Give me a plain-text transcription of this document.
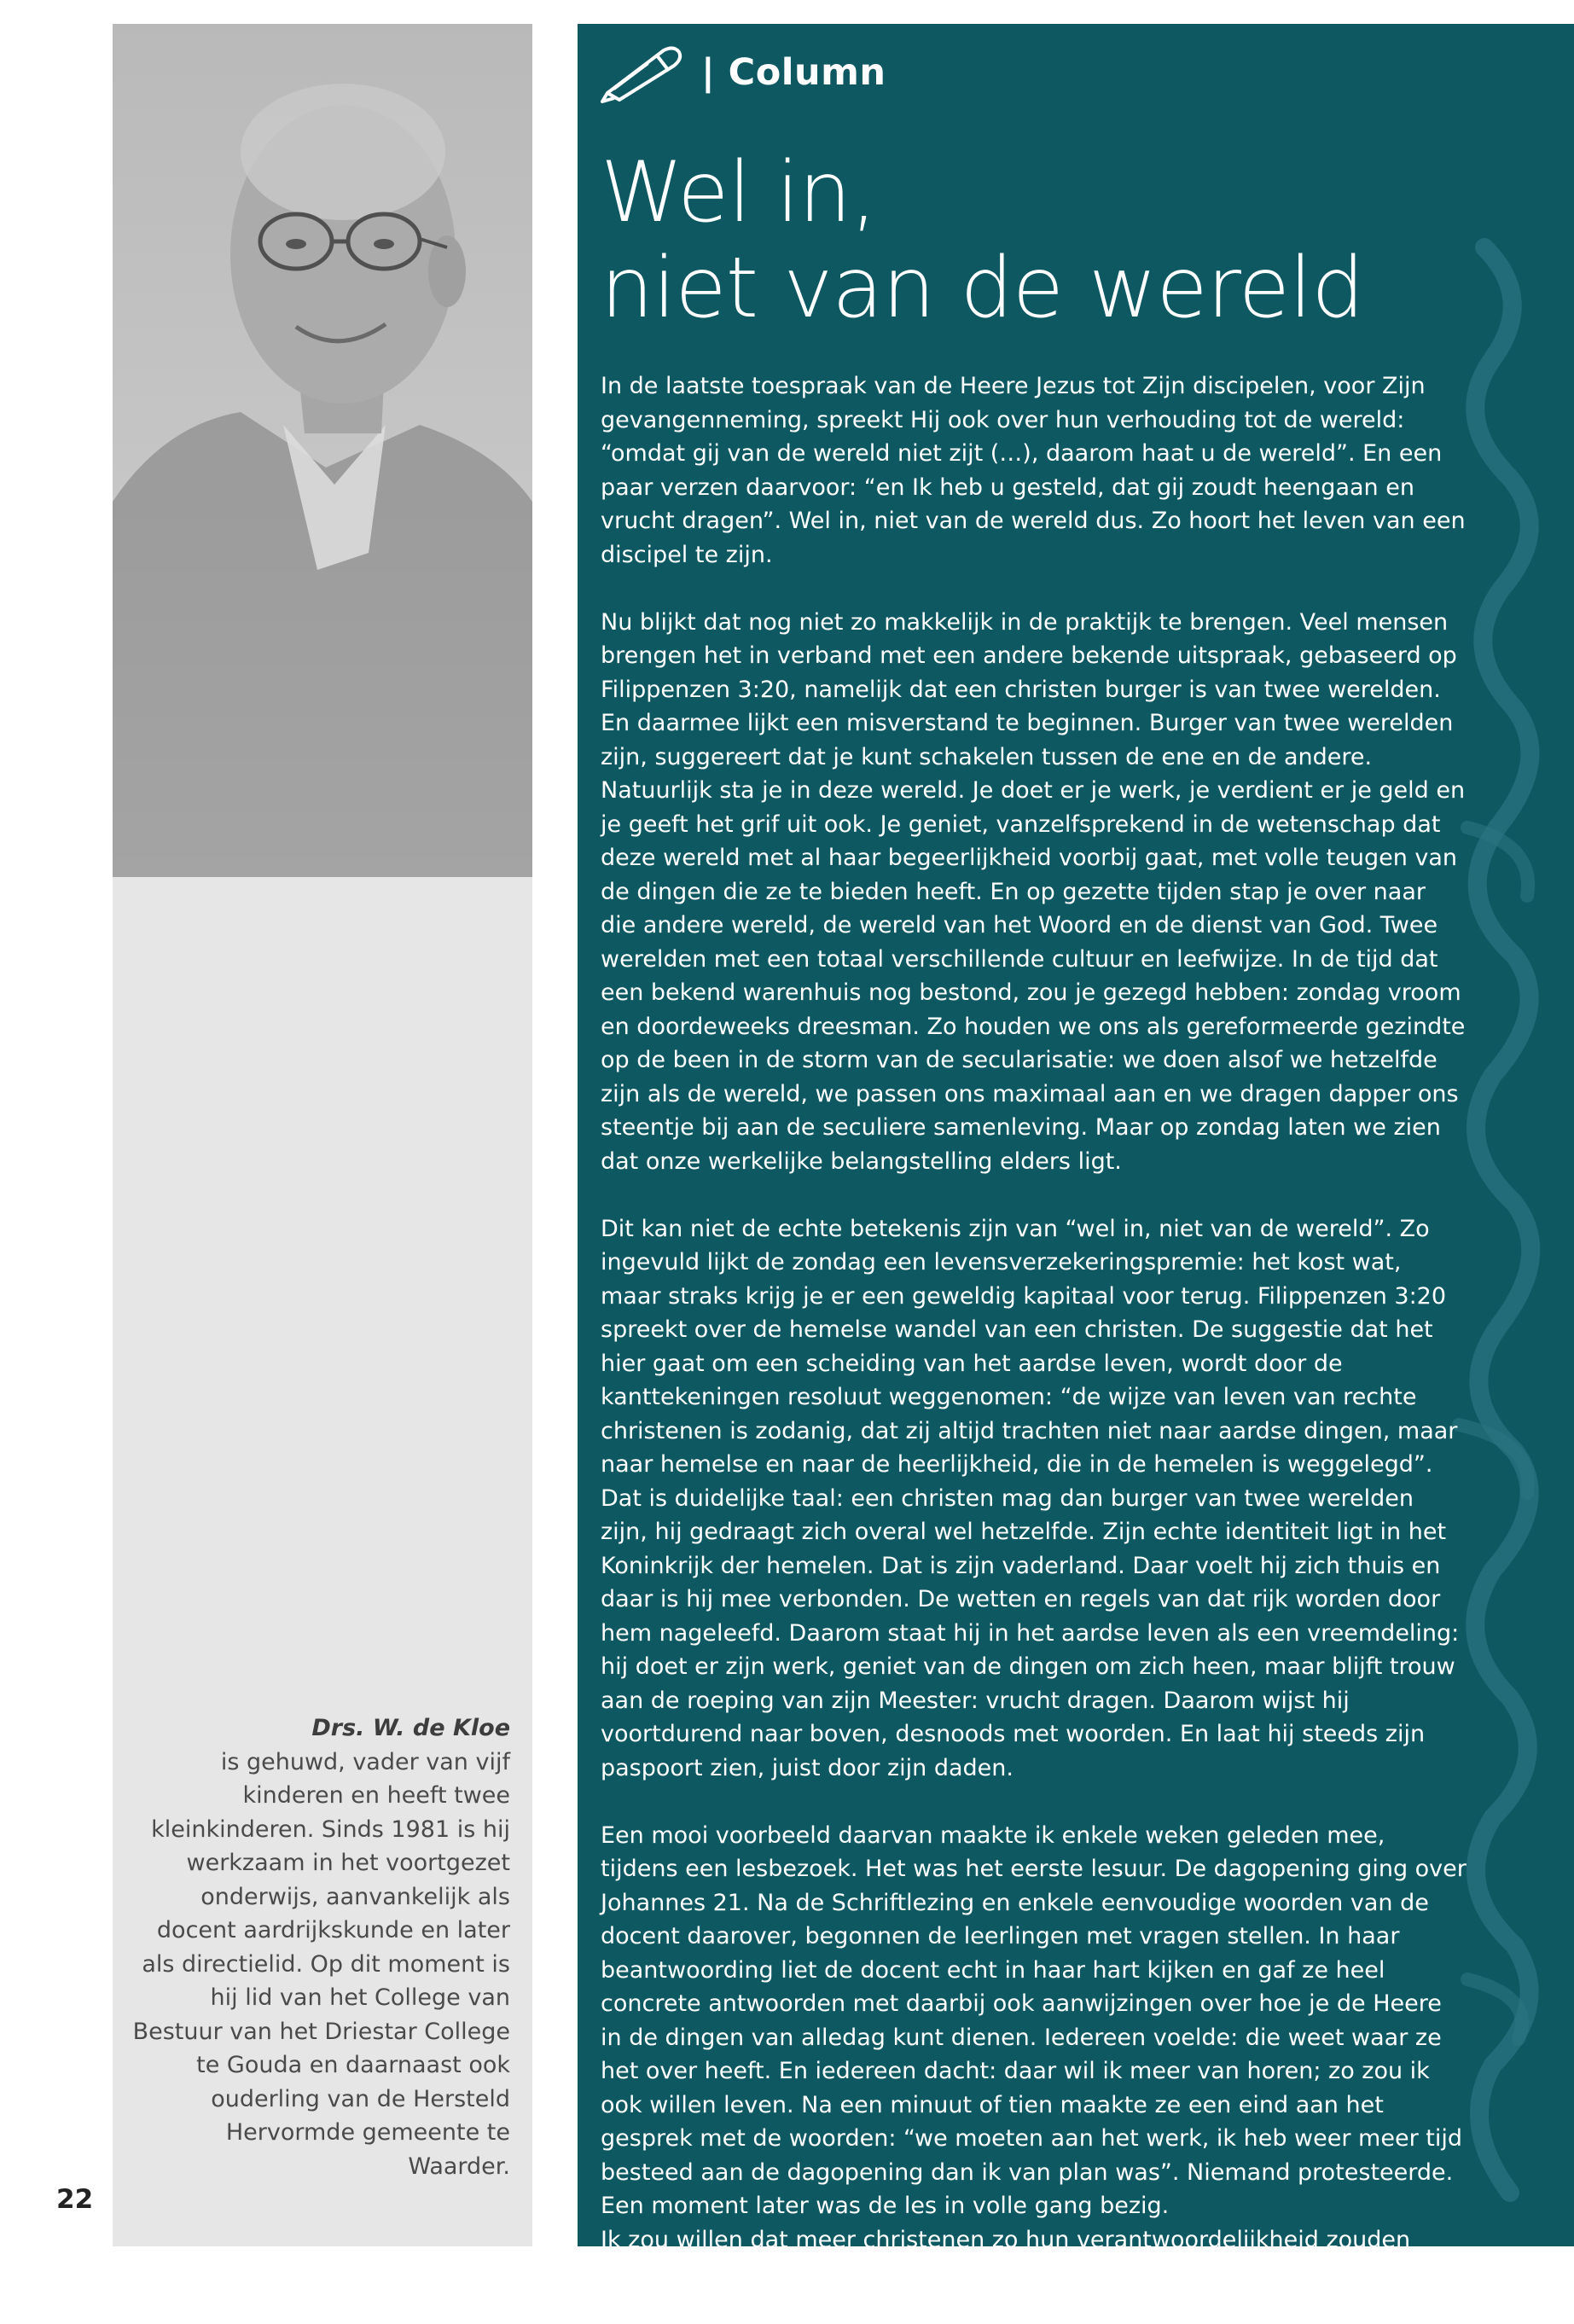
Drs. W. de Kloe
is gehuwd, vader van vijf kinderen en heeft twee kleinkinderen. Sinds 1981 is hij werkzaam in het voortgezet onderwijs, aanvankelijk als docent aardrijkskunde en later als directielid. Op dit moment is hij lid van het College van Bestuur van het Driestar College te Gouda en daarnaast ook ouderling van de Hersteld Hervormde gemeente te Waarder.
22
| Column
Wel in,
niet van de wereld

In de laatste toespraak van de Heere Jezus tot Zijn discipelen, voor Zijn gevangenneming, spreekt Hij ook over hun verhouding tot de wereld: “omdat gij van de wereld niet zijt (…), daarom haat u de wereld”. En een paar verzen daarvoor: “en Ik heb u gesteld, dat gij zoudt heengaan en vrucht dragen”. Wel in, niet van de wereld dus. Zo hoort het leven van een discipel te zijn.

Nu blijkt dat nog niet zo makkelijk in de praktijk te brengen. Veel mensen brengen het in verband met een andere bekende uitspraak, gebaseerd op Filippenzen 3:20, namelijk dat een christen burger is van twee werelden. En daarmee lijkt een misverstand te beginnen. Burger van twee werelden zijn, suggereert dat je kunt schakelen tussen de ene en de andere. Natuurlijk sta je in deze wereld. Je doet er je werk, je verdient er je geld en je geeft het grif uit ook. Je geniet, vanzelfsprekend in de wetenschap dat deze wereld met al haar begeerlijkheid voorbij gaat, met volle teugen van de dingen die ze te bieden heeft. En op gezette tijden stap je over naar die andere wereld, de wereld van het Woord en de dienst van God. Twee werelden met een totaal verschillende cultuur en leefwijze. In de tijd dat een bekend warenhuis nog bestond, zou je gezegd hebben: zondag vroom en doordeweeks dreesman. Zo houden we ons als gereformeerde gezindte op de been in de storm van de secularisatie: we doen alsof we hetzelfde zijn als de wereld, we passen ons maximaal aan en we dragen dapper ons steentje bij aan de seculiere samenleving. Maar op zondag laten we zien dat onze werkelijke belangstelling elders ligt.

Dit kan niet de echte betekenis zijn van “wel in, niet van de wereld”. Zo ingevuld lijkt de zondag een levensverzekeringspremie: het kost wat, maar straks krijg je er een geweldig kapitaal voor terug. Filippenzen 3:20 spreekt over de hemelse wandel van een christen. De suggestie dat het hier gaat om een scheiding van het aardse leven, wordt door de kanttekeningen resoluut weggenomen: “de wijze van leven van rechte christenen is zodanig, dat zij altijd trachten niet naar aardse dingen, maar naar hemelse en naar de heerlijkheid, die in de hemelen is weggelegd”. Dat is duidelijke taal: een christen mag dan burger van twee werelden zijn, hij gedraagt zich overal wel hetzelfde. Zijn echte identiteit ligt in het Koninkrijk der hemelen. Dat is zijn vaderland. Daar voelt hij zich thuis en daar is hij mee verbonden. De wetten en regels van dat rijk worden door hem nageleefd. Daarom staat hij in het aardse leven als een vreemdeling: hij doet er zijn werk, geniet van de dingen om zich heen, maar blijft trouw aan de roeping van zijn Meester: vrucht dragen. Daarom wijst hij voortdurend naar boven, desnoods met woorden. En laat hij steeds zijn paspoort zien, juist door zijn daden.

Een mooi voorbeeld daarvan maakte ik enkele weken geleden mee, tijdens een lesbezoek. Het was het eerste lesuur. De dagopening ging over Johannes 21. Na de Schriftlezing en enkele eenvoudige woorden van de docent daarover, begonnen de leerlingen met vragen stellen. In haar beantwoording liet de docent echt in haar hart kijken en gaf ze heel concrete antwoorden met daarbij ook aanwijzingen over hoe je de Heere in de dingen van alledag kunt dienen. Iedereen voelde: die weet waar ze het over heeft. En iedereen dacht: daar wil ik meer van horen; zo zou ik ook willen leven. Na een minuut of tien maakte ze een eind aan het gesprek met de woorden: “we moeten aan het werk, ik heb weer meer tijd besteed aan de dagopening dan ik van plan was”. Niemand protesteerde. Een moment later was de les in volle gang bezig.

Ik zou willen dat meer christenen zo hun verantwoordelijkheid zouden verstaan door, waar ook maar mogelijk, heen te wijzen naar hun Meester. Je moet Hem dan wel persoonlijk kennen natuurlijk.
